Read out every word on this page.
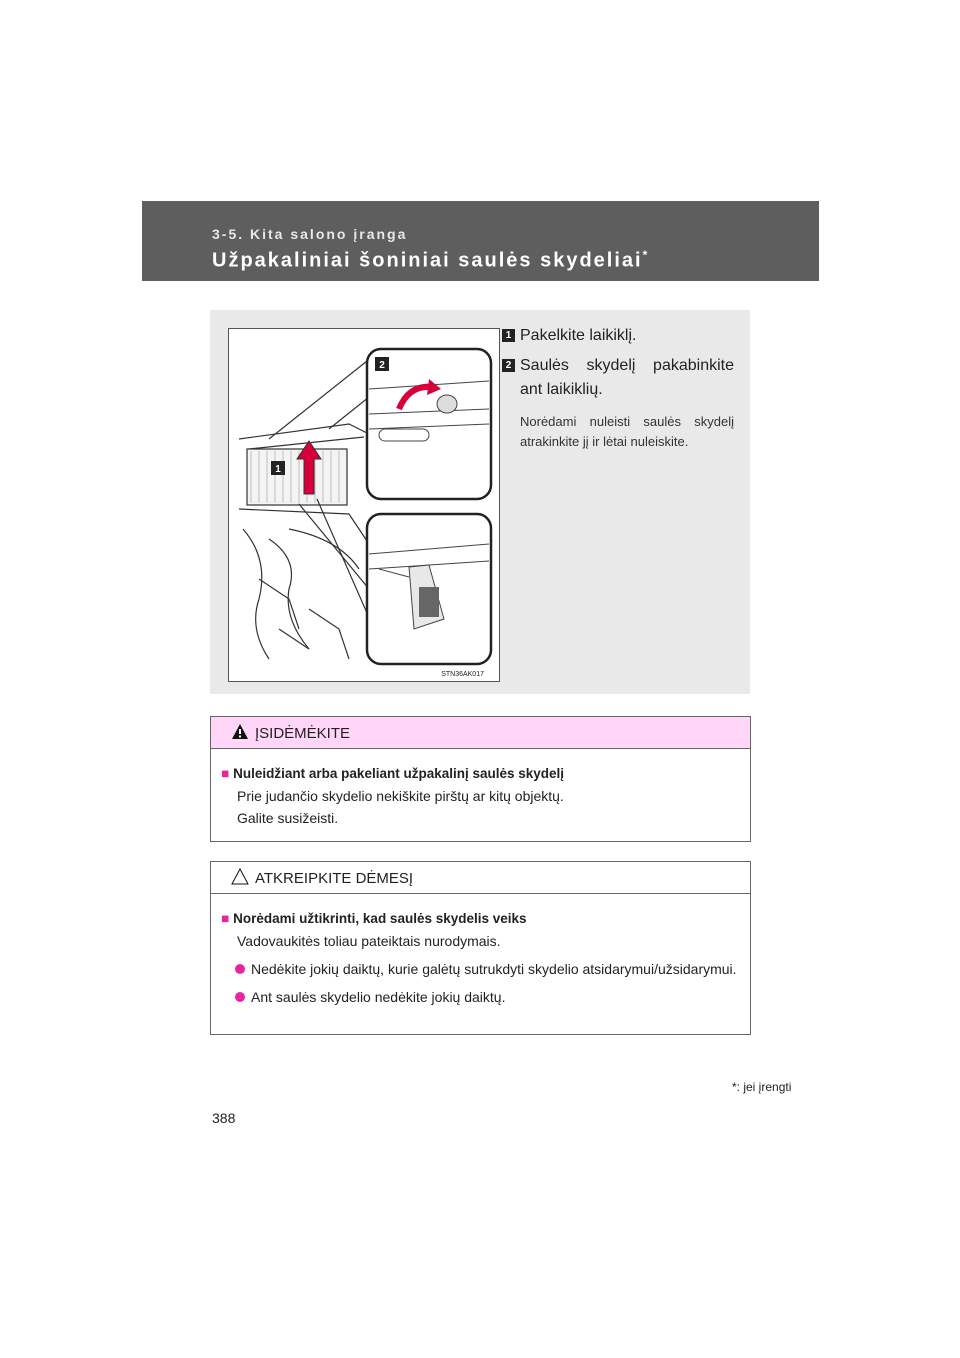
3-5. Kita salono įranga
Užpakaliniai šoniniai saulės skydeliai*
1
2
STN36AK017
1 Pakelkite laikiklį.
2 Saulės skydelį pakabinkite ant laikiklių.
Norėdami nuleisti saulės skydelį atrakinkite jį ir lėtai nuleiskite.
ĮSIDĖMĖKITE
■ Nuleidžiant arba pakeliant užpakalinį saulės skydelį
Prie judančio skydelio nekiškite pirštų ar kitų objektų.
Galite susižeisti.
ATKREIPKITE DĖMESĮ
■ Norėdami užtikrinti, kad saulės skydelis veiks
Vadovaukitės toliau pateiktais nurodymais.
Nedėkite jokių daiktų, kurie galėtų sutrukdyti skydelio atsidarymui/užsidarymui.
Ant saulės skydelio nedėkite jokių daiktų.
*: jei įrengti
388
